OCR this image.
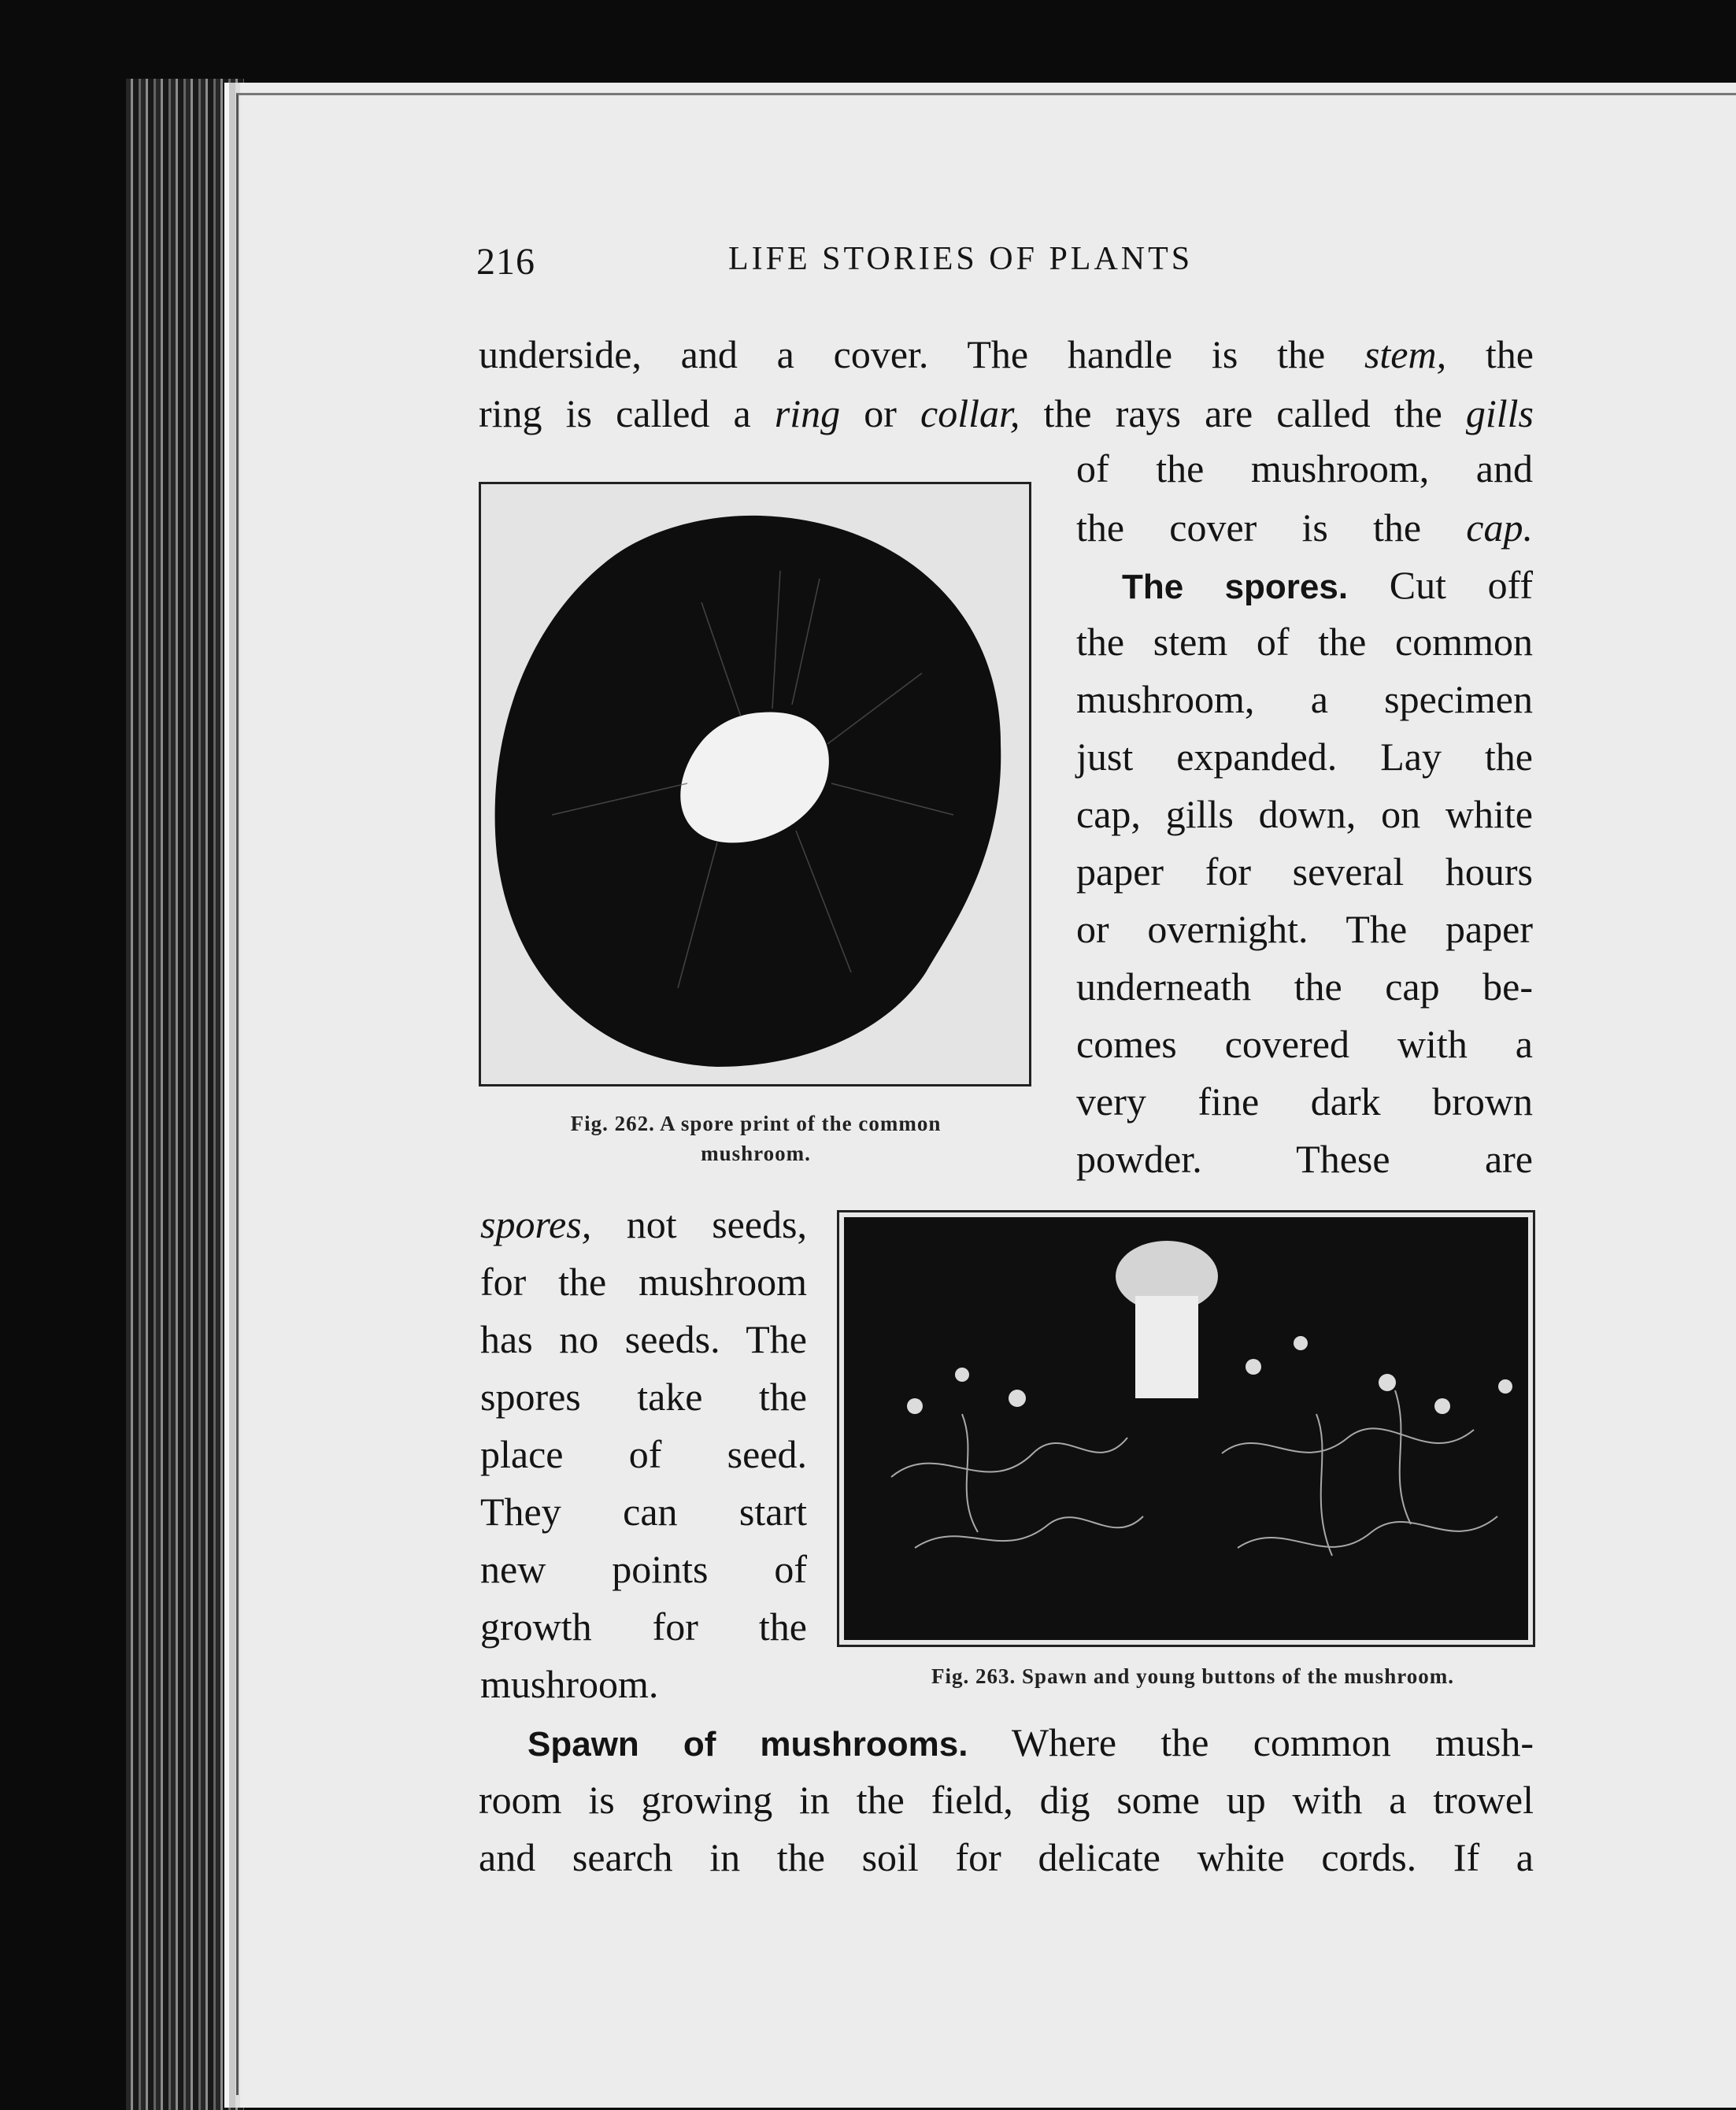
216	LIFE STORIES OF PLANTS
underside, and a cover. The handle is the stem, the
ring is called a ring or collar, the rays are called the gills
Fig. 262. A spore print of the common
mushroom.
of the mushroom, and
the cover is the cap.
The spores. Cut off
the stem of the common
mushroom, a specimen
just expanded. Lay the
cap, gills down, on white
paper for several hours
or overnight. The paper
underneath the cap be-
comes covered with a
very fine dark brown
powder. These are
spores, not seeds,
for the mushroom
has no seeds. The
spores take the
place of seed.
They can start
new points of
growth for the
mushroom.	Fig. 263. Spawn and young buttons of the mushroom.
Spawn of mushrooms. Where the common mush-
room is growing in the field, dig some up with a trowel
and search in the soil for delicate white cords. If a
